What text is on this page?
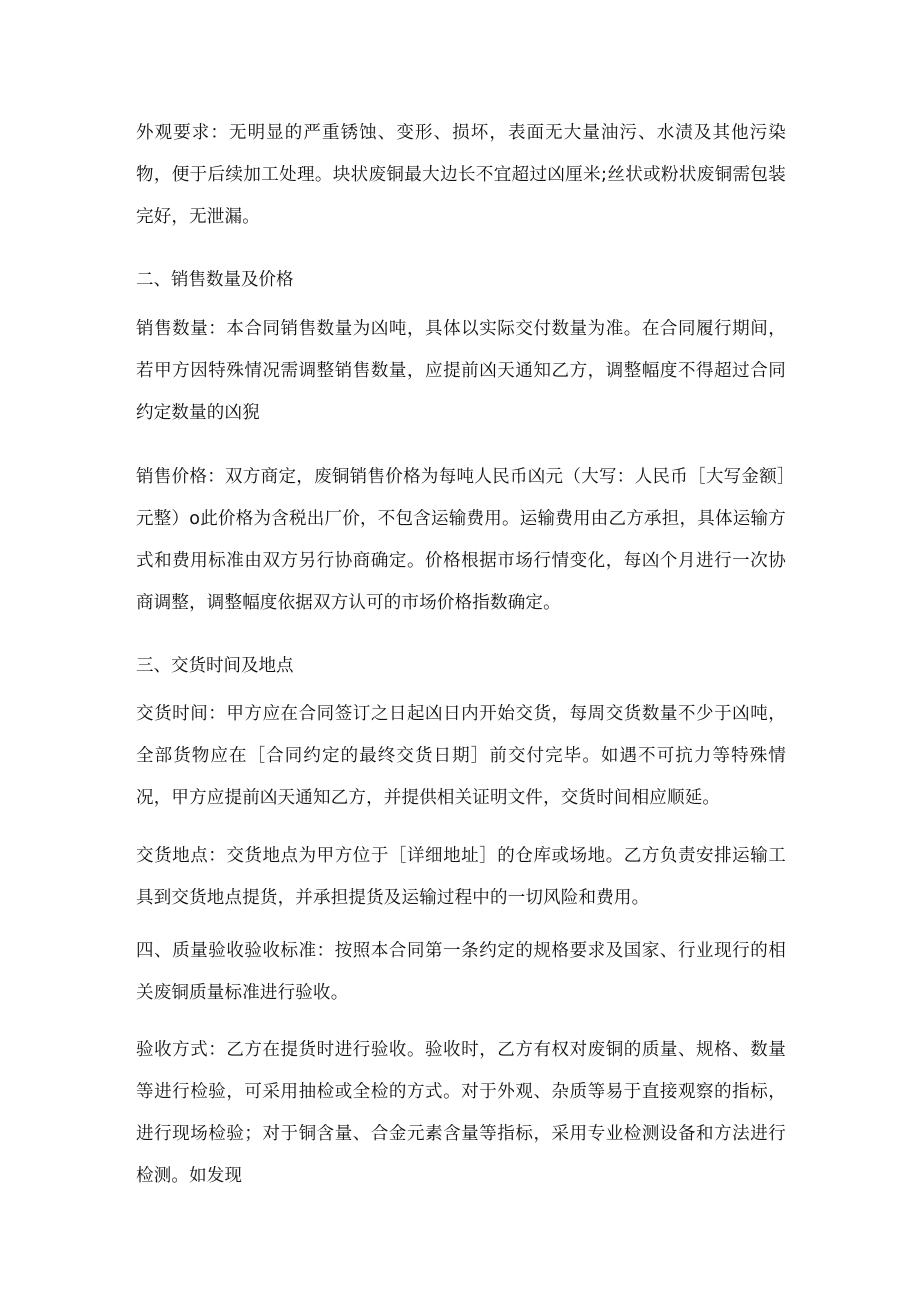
外观要求：无明显的严重锈蚀、变形、损坏，表面无大量油污、水渍及其他污染物，便于后续加工处理。块状废铜最大边长不宜超过凶厘米;丝状或粉状废铜需包装完好，无泄漏。

二、销售数量及价格

销售数量：本合同销售数量为凶吨，具体以实际交付数量为准。在合同履行期间，若甲方因特殊情况需调整销售数量，应提前凶天通知乙方，调整幅度不得超过合同约定数量的凶猊

销售价格：双方商定，废铜销售价格为每吨人民币凶元（大写：人民币［大写金额］元整）o此价格为含税出厂价，不包含运输费用。运输费用由乙方承担，具体运输方式和费用标准由双方另行协商确定。价格根据市场行情变化，每凶个月进行一次协商调整，调整幅度依据双方认可的市场价格指数确定。

三、交货时间及地点

交货时间：甲方应在合同签订之日起凶日内开始交货，每周交货数量不少于凶吨，全部货物应在［合同约定的最终交货日期］前交付完毕。如遇不可抗力等特殊情况，甲方应提前凶天通知乙方，并提供相关证明文件，交货时间相应顺延。

交货地点：交货地点为甲方位于［详细地址］的仓库或场地。乙方负责安排运输工具到交货地点提货，并承担提货及运输过程中的一切风险和费用。

四、质量验收验收标准：按照本合同第一条约定的规格要求及国家、行业现行的相关废铜质量标准进行验收。

验收方式：乙方在提货时进行验收。验收时，乙方有权对废铜的质量、规格、数量等进行检验，可采用抽检或全检的方式。对于外观、杂质等易于直接观察的指标，进行现场检验；对于铜含量、合金元素含量等指标，采用专业检测设备和方法进行检测。如发现
